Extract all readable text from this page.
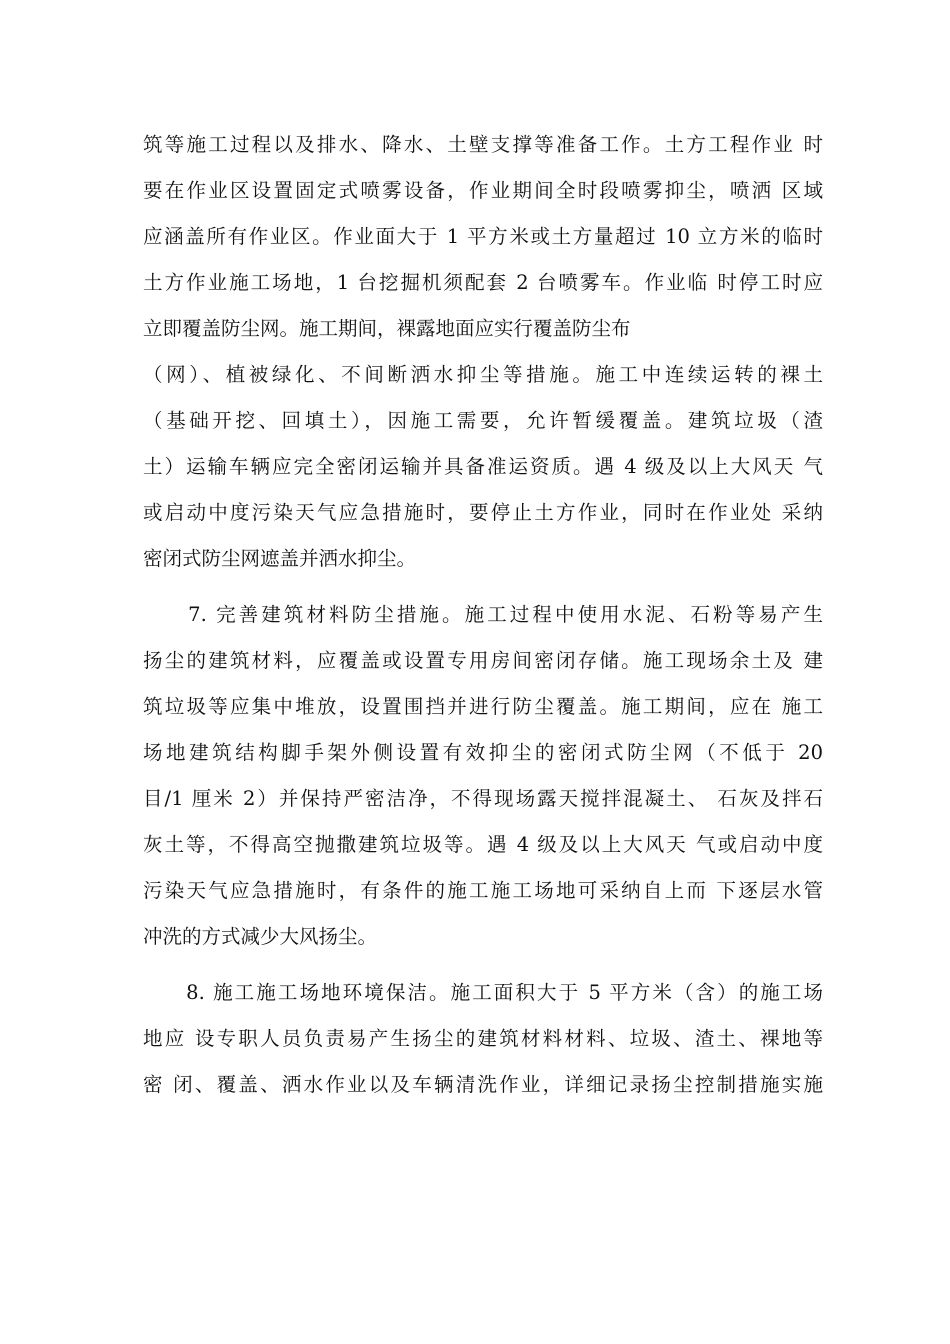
筑等施工过程以及排水、降水、土壁支撑等准备工作。土方工程作业 时
要在作业区设置固定式喷雾设备，作业期间全时段喷雾抑尘，喷洒 区域
应涵盖所有作业区。作业面大于 1 平方米或土方量超过 10 立方米的临时
土方作业施工场地，1 台挖掘机须配套 2 台喷雾车。作业临 时停工时应
立即覆盖防尘网。施工期间，裸露地面应实行覆盖防尘布
（网）、植被绿化、不间断洒水抑尘等措施。施工中连续运转的裸土
（基础开挖、回填土），因施工需要，允许暂缓覆盖。建筑垃圾（渣
土）运输车辆应完全密闭运输并具备准运资质。遇 4 级及以上大风天 气
或启动中度污染天气应急措施时，要停止土方作业，同时在作业处 采纳
密闭式防尘网遮盖并洒水抑尘。
　　7. 完善建筑材料防尘措施。施工过程中使用水泥、石粉等易产生
扬尘的建筑材料，应覆盖或设置专用房间密闭存储。施工现场余土及 建
筑垃圾等应集中堆放，设置围挡并进行防尘覆盖。施工期间，应在 施工
场地建筑结构脚手架外侧设置有效抑尘的密闭式防尘网（不低于 20
目/1 厘米 2）并保持严密洁净，不得现场露天搅拌混凝土、 石灰及拌石
灰土等，不得高空抛撒建筑垃圾等。遇 4 级及以上大风天 气或启动中度
污染天气应急措施时，有条件的施工施工场地可采纳自上而 下逐层水管
冲洗的方式减少大风扬尘。
　　8. 施工施工场地环境保洁。施工面积大于 5 平方米（含）的施工场
地应 设专职人员负责易产生扬尘的建筑材料材料、垃圾、渣土、裸地等
密 闭、覆盖、洒水作业以及车辆清洗作业，详细记录扬尘控制措施实施
